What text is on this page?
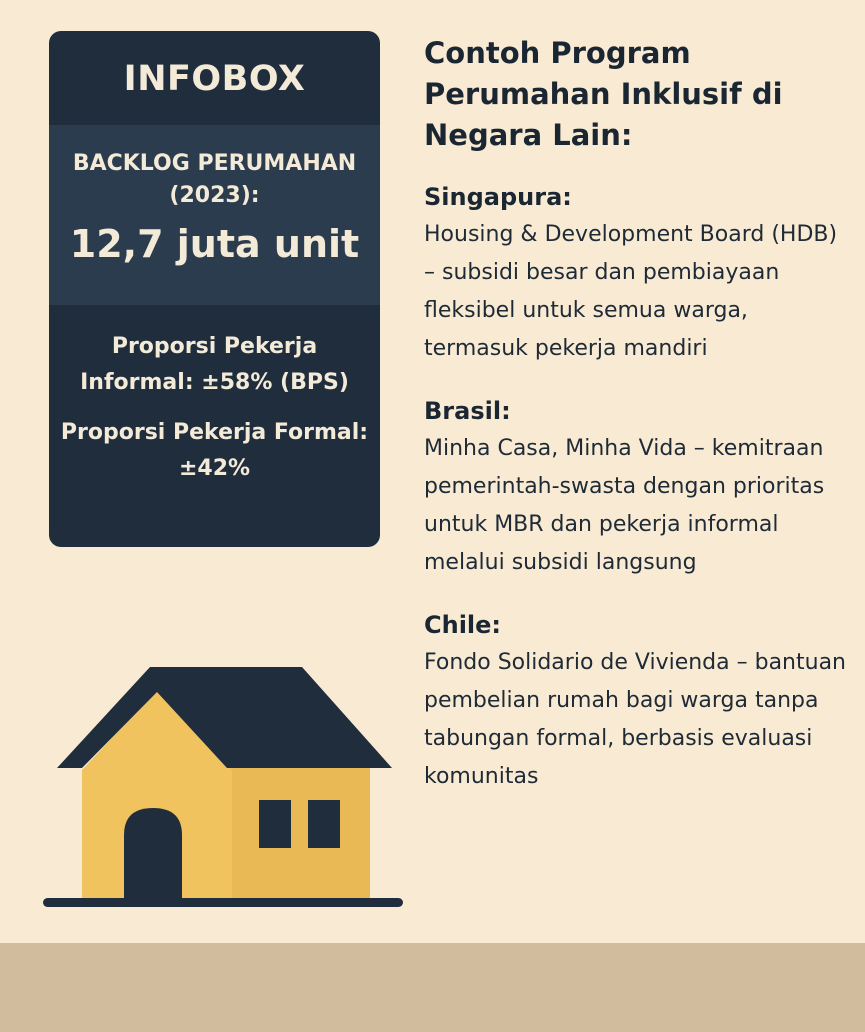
INFOBOX
BACKLOG PERUMAHAN (2023):
12,7 juta unit
Proporsi Pekerja Informal: ±58% (BPS)
Proporsi Pekerja Formal: ±42%
Contoh Program Perumahan Inklusif di Negara Lain:
Singapura:
Housing & Development Board (HDB) – subsidi besar dan pembiayaan fleksibel untuk semua warga, termasuk pekerja mandiri
Brasil:
Minha Casa, Minha Vida – kemitraan pemerintah-swasta dengan prioritas untuk MBR dan pekerja informal melalui subsidi langsung
Chile:
Fondo Solidario de Vivienda – bantuan pembelian rumah bagi warga tanpa tabungan formal, berbasis evaluasi komunitas
